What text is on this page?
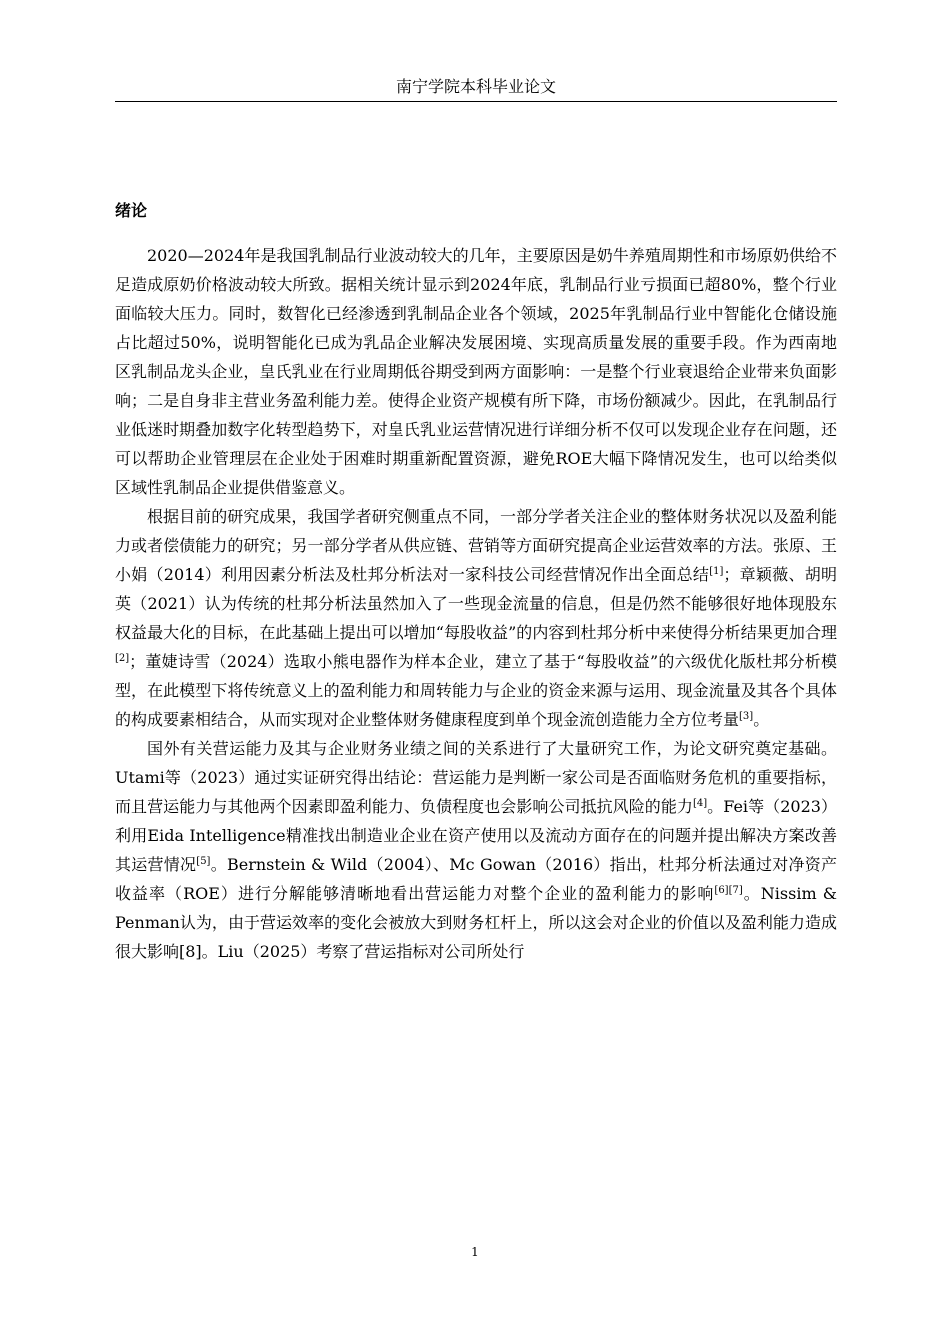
南宁学院本科毕业论文
绪论

2020—2024年是我国乳制品行业波动较大的几年，主要原因是奶牛养殖周期性和市场原奶供给不足造成原奶价格波动较大所致。据相关统计显示到2024年底，乳制品行业亏损面已超80%，整个行业面临较大压力。同时，数智化已经渗透到乳制品企业各个领域，2025年乳制品行业中智能化仓储设施占比超过50%，说明智能化已成为乳品企业解决发展困境、实现高质量发展的重要手段。作为西南地区乳制品龙头企业，皇氏乳业在行业周期低谷期受到两方面影响：一是整个行业衰退给企业带来负面影响；二是自身非主营业务盈利能力差。使得企业资产规模有所下降，市场份额减少。因此，在乳制品行业低迷时期叠加数字化转型趋势下，对皇氏乳业运营情况进行详细分析不仅可以发现企业存在问题，还可以帮助企业管理层在企业处于困难时期重新配置资源，避免ROE大幅下降情况发生，也可以给类似区域性乳制品企业提供借鉴意义。

根据目前的研究成果，我国学者研究侧重点不同，一部分学者关注企业的整体财务状况以及盈利能力或者偿债能力的研究；另一部分学者从供应链、营销等方面研究提高企业运营效率的方法。张原、王小娟（2014）利用因素分析法及杜邦分析法对一家科技公司经营情况作出全面总结[1]；章颖薇、胡明英（2021）认为传统的杜邦分析法虽然加入了一些现金流量的信息，但是仍然不能够很好地体现股东权益最大化的目标，在此基础上提出可以增加“每股收益”的内容到杜邦分析中来使得分析结果更加合理[2]；董婕诗雪（2024）选取小熊电器作为样本企业，建立了基于“每股收益”的六级优化版杜邦分析模型，在此模型下将传统意义上的盈利能力和周转能力与企业的资金来源与运用、现金流量及其各个具体的构成要素相结合，从而实现对企业整体财务健康程度到单个现金流创造能力全方位考量[3]。

国外有关营运能力及其与企业财务业绩之间的关系进行了大量研究工作，为论文研究奠定基础。Utami等（2023）通过实证研究得出结论：营运能力是判断一家公司是否面临财务危机的重要指标，而且营运能力与其他两个因素即盈利能力、负债程度也会影响公司抵抗风险的能力[4]。Fei等（2023）利用Eida Intelligence精准找出制造业企业在资产使用以及流动方面存在的问题并提出解决方案改善其运营情况[5]。Bernstein & Wild（2004）、Mc Gowan（2016）指出，杜邦分析法通过对净资产收益率（ROE）进行分解能够清晰地看出营运能力对整个企业的盈利能力的影响[6][7]。Nissim & Penman认为，由于营运效率的变化会被放大到财务杠杆上，所以这会对企业的价值以及盈利能力造成很大影响[8]。Liu（2025）考察了营运指标对公司所处行

1
